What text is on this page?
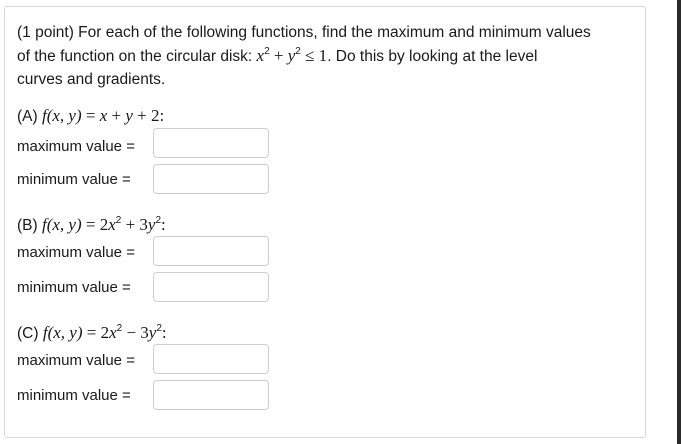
(1 point) For each of the following functions, find the maximum and minimum values
of the function on the circular disk: $x^2 + y^2 \le 1$. Do this by looking at the level
curves and gradients.
(A) f(x, y) = x + y + 2:
maximum value =
minimum value =
(B) f(x, $y) = 2x^2 + 3y^2$:
maximum value =
minimum value =
(C) f(x, $y) = 2x^2 - 3y^2$:
maximum value =
minimum value =
